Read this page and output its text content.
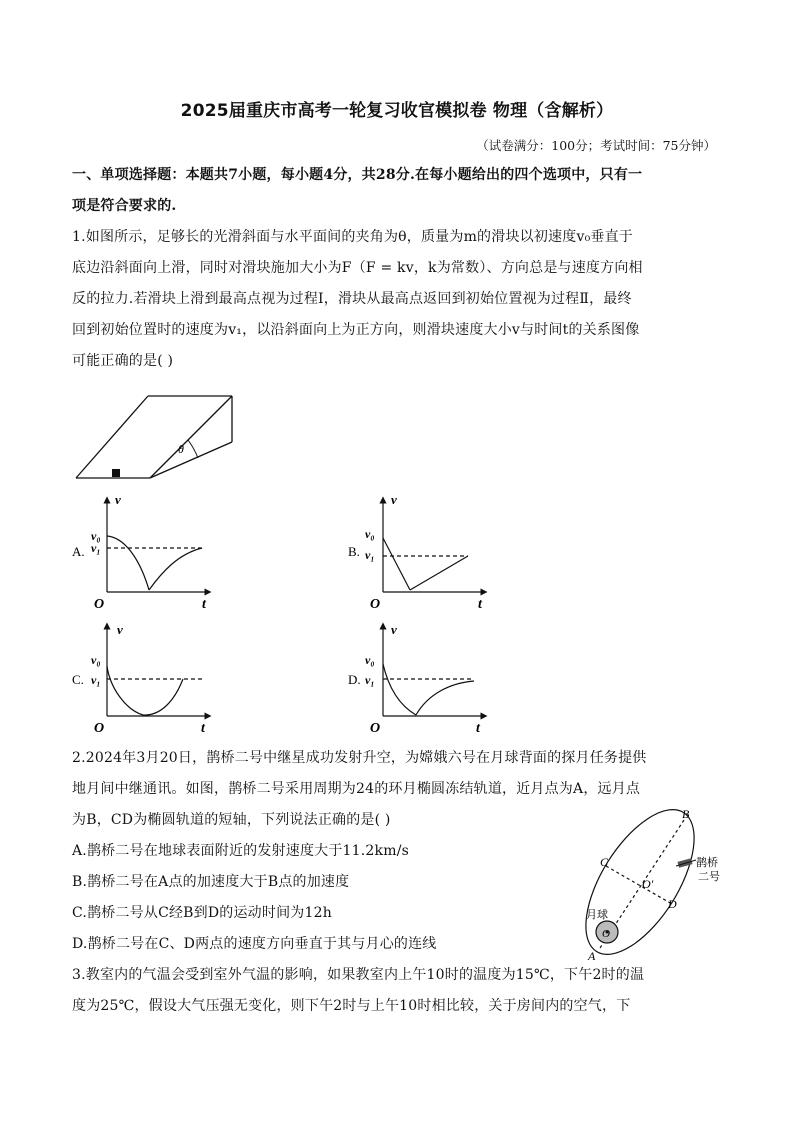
2025届重庆市高考一轮复习收官模拟卷 物理（含解析）
（试卷满分：100分；考试时间：75分钟）
一、单项选择题：本题共7小题，每小题4分，共28分.在每小题给出的四个选项中，只有一
项是符合要求的.
1.如图所示，足够长的光滑斜面与水平面间的夹角为θ，质量为m的滑块以初速度v₀垂直于
底边沿斜面向上滑，同时对滑块施加大小为F（F = kv，k为常数）、方向总是与速度方向相
反的拉力.若滑块上滑到最高点视为过程Ⅰ，滑块从最高点返回到初始位置视为过程Ⅱ，最终
回到初始位置时的速度为v₁，以沿斜面向上为正方向，则滑块速度大小v与时间t的关系图像
可能正确的是( )
θ
A.
v
v₀
v₁
O	t
B.
v
v₀
v₁
O	t
C.
v
v₀
v₁
O	t
D.
v
v₀
v₁
O	t
2.2024年3月20日，鹊桥二号中继星成功发射升空，为嫦娥六号在月球背面的探月任务提供
地月间中继通讯。如图，鹊桥二号采用周期为24的环月椭圆冻结轨道，近月点为A，远月点
为B，CD为椭圆轨道的短轴，下列说法正确的是( )
A.鹊桥二号在地球表面附近的发射速度大于11.2km/s
B.鹊桥二号在A点的加速度大于B点的加速度
C.鹊桥二号从C经B到D的运动时间为12h
D.鹊桥二号在C、D两点的速度方向垂直于其与月心的连线
B
C
O'
D
O
月球
A
鹊桥
二号
3.教室内的气温会受到室外气温的影响，如果教室内上午10时的温度为15℃，下午2时的温
度为25℃，假设大气压强无变化，则下午2时与上午10时相比较，关于房间内的空气，下
